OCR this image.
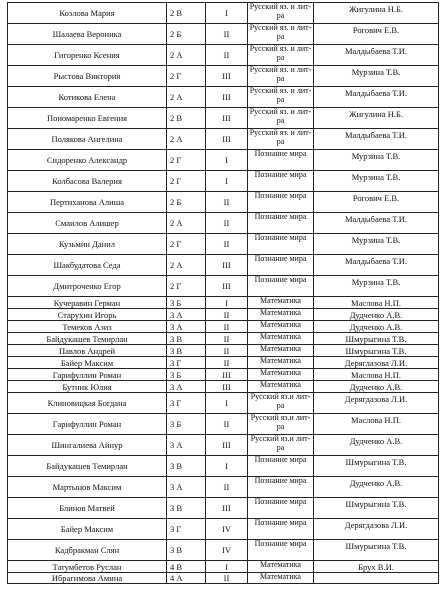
Козлова Мария	2 В	I	Русский яз. и лит-ра	Жигулина Н.Б.
Шалаева Вероника	2 Б	II	Русский яз. и лит-ра	Рогович Е.В.
Гигоренко Ксения	2 А	II	Русский яз. и лит-ра	Малдыбаева Т.И.
Рыстова Виктория	2 Г	III	Русский яз. и лит-ра	Мурзина Т.В.
Котикова Елена	2 А	III	Русский яз. и лит-ра	Малдыбаева Т.И.
Пономаренко Евгения	2 В	III	Русский яз. и лит-ра	Жигулина Н.Б.
Полякова Ангелина	2 А	III	Русский яз. и лит-ра	Малдыбаева Т.И.
Сидоренко Александр	2 Г	I	Познание мира	Мурзина Т.В.
Колбасова Валерия	2 Г	I	Познание мира	Мурзина Т.В.
Пертиханова Алиша	2 Б	II	Познание мира	Рогович Е.В.
Смаилов Алишер	2 А	II	Познание мира	Малдыбаева Т.И.
Кузьмин Данил	2 Г	II	Познание мира	Мурзина Т.В.
Шакбудатова Седа	2 А	III	Познание мира	Малдыбаева Т.И.
Дмитроченко Егор	2 Г	III	Познание мира	Мурзина Т.В.
Кучеравин Герман	3 Б	I	Математика	Маслова Н.П.
Старухин Игорь	3 А	II	Математика	Дудченко А.В.
Темеков Азиз	3 А	II	Математика	Дудченко А.В.
Байдукашев Темирлан	3 В	II	Математика	Шмурыгина Т.В.
Павлов Андрей	3 В	II	Математика	Шмурыгина Т.В.
Байер Максим	3 Г	II	Математика	Деряглазова Л.И.
Гарифуллин Роман	3 Б	III	Математика	Маслова Н.П.
Бутник Юлия	3 А	III	Математика	Дудченко А.В.
Клиновицкая Богдана	3 Г	I	Русский яз.и лит-ра	Дерягдазова Л.И.
Гарифуллин Роман	3 Б	II	Русский яз.и лит-ра	Маслова Н.П.
Шингалиева Айнур	3 А	III	Русский яз.и лит-ра	Дудченко А.В.
Байдукашев Темирлан	3 В	I	Познание мира	Шмурыгина Т.В.
Мартынов Максим	3 А	II	Познание мира	Дудченко А.В.
Блинов Матвей	3 В	III	Познание мира	Шмурыгина Т.В.
Байер Максим	3 Г	IV	Познание мира	Дерягдазова Л.И.
Кадбракман Слян	3 В	IV	Познание мира	Шмурыгина Т.В.
Татумбетов Руслан	4 В	I	Математика	Брух В.И.
Ибрагимова Амина	4 А	II	Математика	
